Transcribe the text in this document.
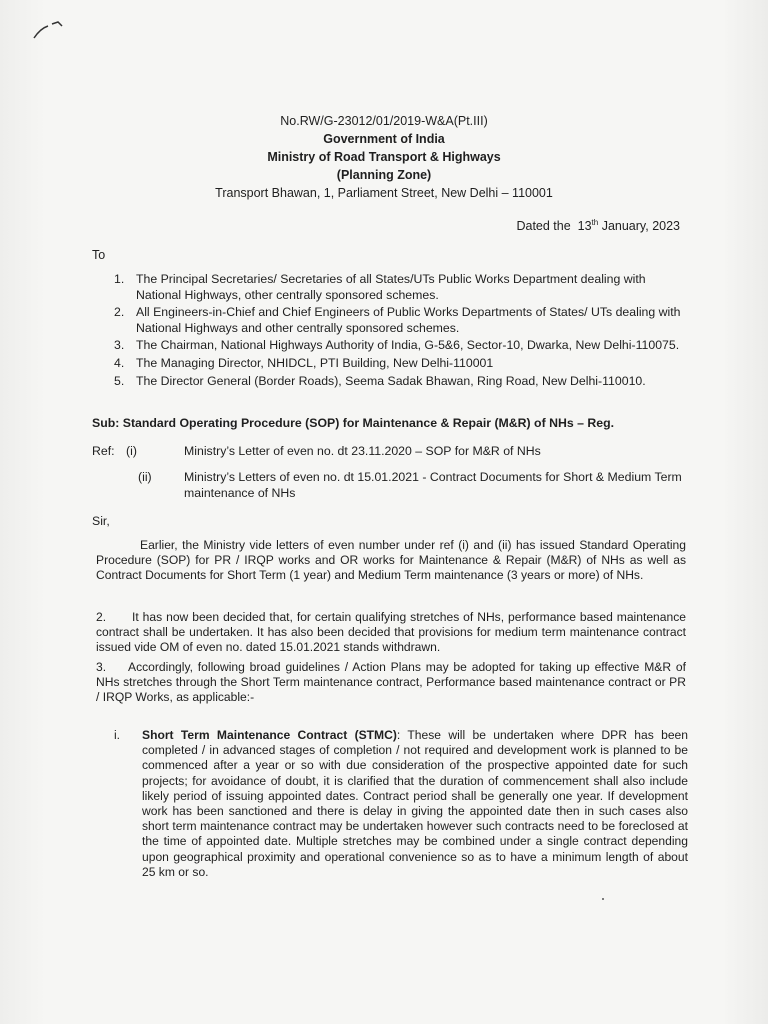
No.RW/G-23012/01/2019-W&A(Pt.III)
Government of India
Ministry of Road Transport & Highways
(Planning Zone)
Transport Bhawan, 1, Parliament Street, New Delhi – 110001
Dated the 13th January, 2023
To
1. The Principal Secretaries/ Secretaries of all States/UTs Public Works Department dealing with National Highways, other centrally sponsored schemes.
2. All Engineers-in-Chief and Chief Engineers of Public Works Departments of States/ UTs dealing with National Highways and other centrally sponsored schemes.
3. The Chairman, National Highways Authority of India, G-5&6, Sector-10, Dwarka, New Delhi-110075.
4. The Managing Director, NHIDCL, PTI Building, New Delhi-110001
5. The Director General (Border Roads), Seema Sadak Bhawan, Ring Road, New Delhi-110010.
Sub: Standard Operating Procedure (SOP) for Maintenance & Repair (M&R) of NHs – Reg.
Ref: (i)	Ministry’s Letter of even no. dt 23.11.2020 – SOP for M&R of NHs
(ii)	Ministry’s Letters of even no. dt 15.01.2021 - Contract Documents for Short & Medium Term maintenance of NHs
Sir,
Earlier, the Ministry vide letters of even number under ref (i) and (ii) has issued Standard Operating Procedure (SOP) for PR / IRQP works and OR works for Maintenance & Repair (M&R) of NHs as well as Contract Documents for Short Term (1 year) and Medium Term maintenance (3 years or more) of NHs.
2. It has now been decided that, for certain qualifying stretches of NHs, performance based maintenance contract shall be undertaken. It has also been decided that provisions for medium term maintenance contract issued vide OM of even no. dated 15.01.2021 stands withdrawn.
3. Accordingly, following broad guidelines / Action Plans may be adopted for taking up effective M&R of NHs stretches through the Short Term maintenance contract, Performance based maintenance contract or PR / IRQP Works, as applicable:-
i. Short Term Maintenance Contract (STMC): These will be undertaken where DPR has been completed / in advanced stages of completion / not required and development work is planned to be commenced after a year or so with due consideration of the prospective appointed date for such projects; for avoidance of doubt, it is clarified that the duration of commencement shall also include likely period of issuing appointed dates. Contract period shall be generally one year. If development work has been sanctioned and there is delay in giving the appointed date then in such cases also short term maintenance contract may be undertaken however such contracts need to be foreclosed at the time of appointed date. Multiple stretches may be combined under a single contract depending upon geographical proximity and operational convenience so as to have a minimum length of about 25 km or so.
